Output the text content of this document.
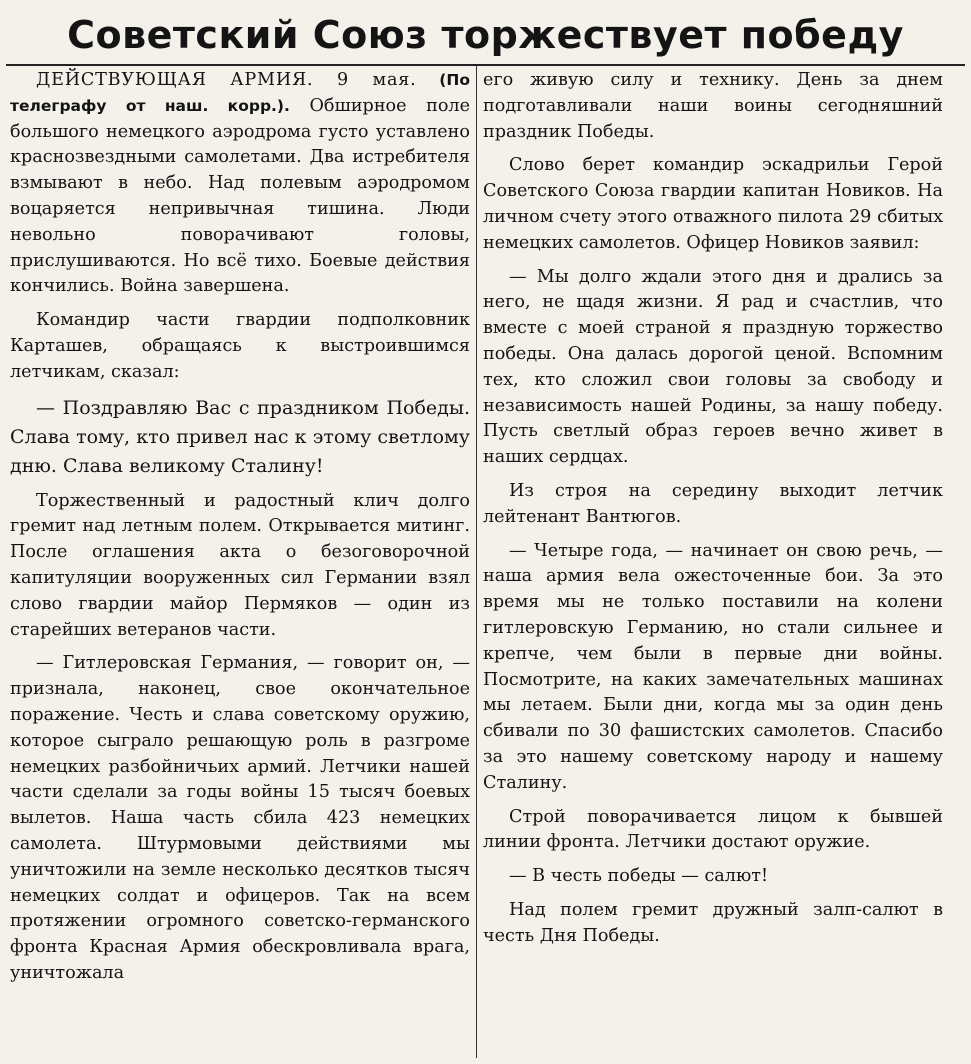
Советский Союз торжествует победу

ДЕЙСТВУЮЩАЯ АРМИЯ. 9 мая. (По телеграфу от наш. корр.). Обширное поле большого немецкого аэродрома густо уставлено краснозвездными самолетами. Два истребителя взмывают в небо. Над полевым аэродромом воцаряется непривычная тишина. Люди невольно поворачивают головы, прислушиваются. Но всё тихо. Боевые действия кончились. Война завершена.

Командир части гвардии подполковник Карташев, обращаясь к выстроившимся летчикам, сказал:

— Поздравляю Вас с праздником Победы. Слава тому, кто привел нас к этому светлому дню. Слава великому Сталину!

Торжественный и радостный клич долго гремит над летным полем. Открывается митинг. После оглашения акта о безоговорочной капитуляции вооруженных сил Германии взял слово гвардии майор Пермяков — один из старейших ветеранов части.

— Гитлеровская Германия, — говорит он, — признала, наконец, свое окончательное поражение. Честь и слава советскому оружию, которое сыграло решающую роль в разгроме немецких разбойничьих армий. Летчики нашей части сделали за годы войны 15 тысяч боевых вылетов. Наша часть сбила 423 немецких самолета. Штурмовыми действиями мы уничтожили на земле несколько десятков тысяч немецких солдат и офицеров. Так на всем протяжении огромного советско-германского фронта Красная Армия обескровливала врага, уничтожала

его живую силу и технику. День за днем подготавливали наши воины сегодняшний праздник Победы.

Слово берет командир эскадрильи Герой Советского Союза гвардии капитан Новиков. На личном счету этого отважного пилота 29 сбитых немецких самолетов. Офицер Новиков заявил:

— Мы долго ждали этого дня и дрались за него, не щадя жизни. Я рад и счастлив, что вместе с моей страной я праздную торжество победы. Она далась дорогой ценой. Вспомним тех, кто сложил свои головы за свободу и независимость нашей Родины, за нашу победу. Пусть светлый образ героев вечно живет в наших сердцах.

Из строя на середину выходит летчик лейтенант Вантюгов.

— Четыре года, — начинает он свою речь, — наша армия вела ожесточенные бои. За это время мы не только поставили на колени гитлеровскую Германию, но стали сильнее и крепче, чем были в первые дни войны. Посмотрите, на каких замечательных машинах мы летаем. Были дни, когда мы за один день сбивали по 30 фашистских самолетов. Спасибо за это нашему советскому народу и нашему Сталину.

Строй поворачивается лицом к бывшей линии фронта. Летчики достают оружие.

— В честь победы — салют!

Над полем гремит дружный залп-салют в честь Дня Победы.
